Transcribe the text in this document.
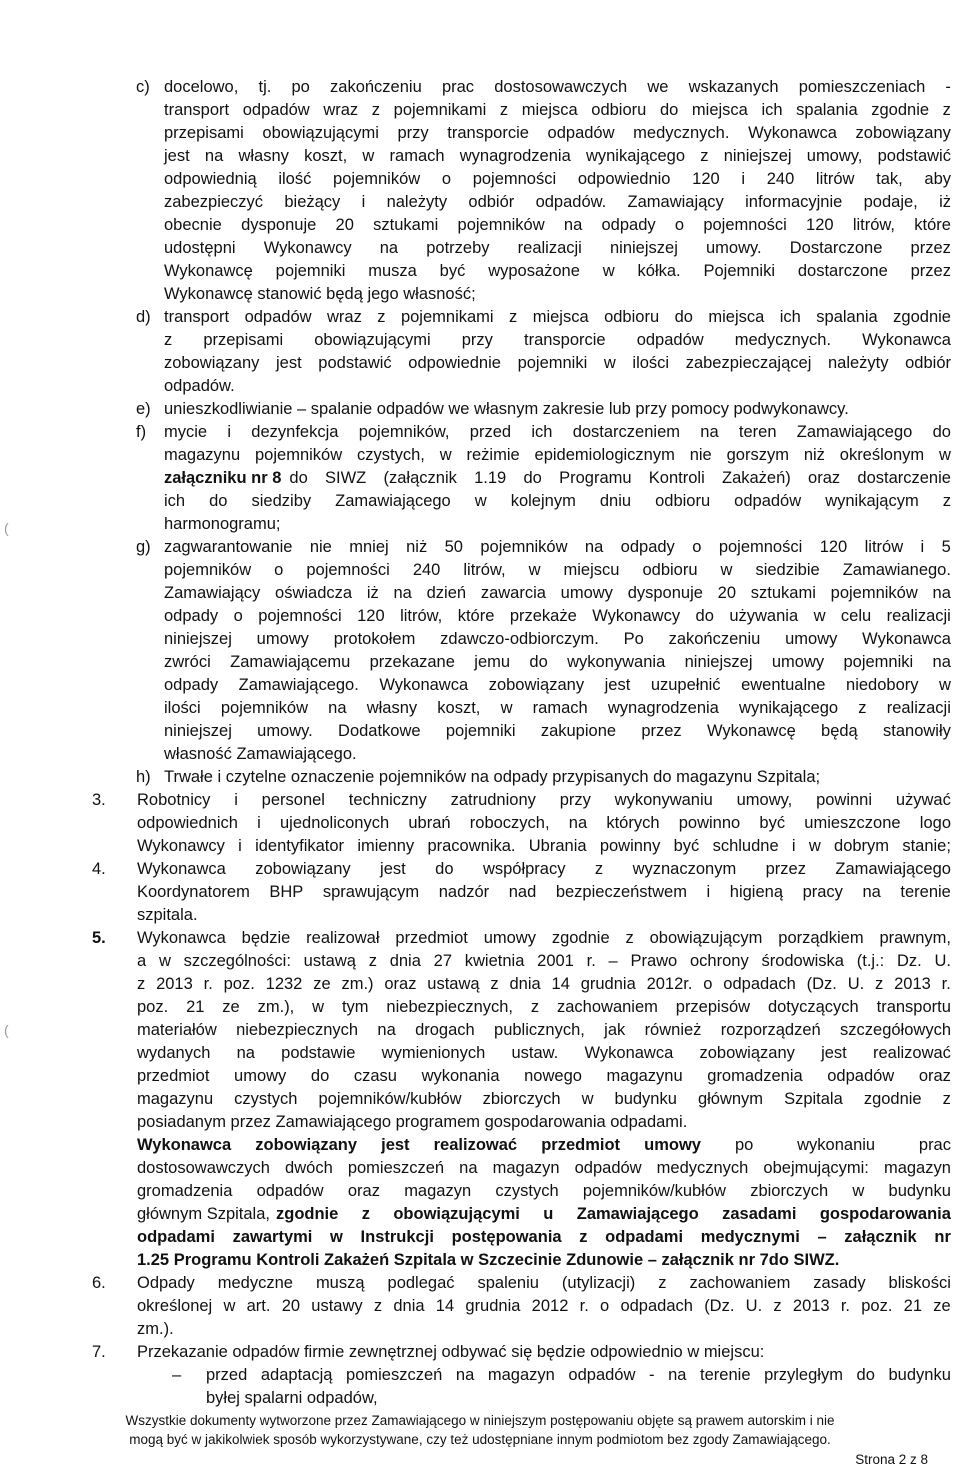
c) docelowo, tj. po zakończeniu prac dostosowawczych we wskazanych pomieszczeniach -
transport odpadów wraz z pojemnikami z miejsca odbioru do miejsca ich spalania zgodnie z
przepisami obowiązującymi przy transporcie odpadów medycznych. Wykonawca zobowiązany
jest na własny koszt, w ramach wynagrodzenia wynikającego z niniejszej umowy, podstawić
odpowiednią ilość pojemników o pojemności odpowiednio 120 i 240 litrów tak, aby
zabezpieczyć bieżący i należyty odbiór odpadów. Zamawiający informacyjnie podaje, iż
obecnie dysponuje 20 sztukami pojemników na odpady o pojemności 120 litrów, które
udostępni Wykonawcy na potrzeby realizacji niniejszej umowy. Dostarczone przez
Wykonawcę pojemniki musza być wyposażone w kółka. Pojemniki dostarczone przez
Wykonawcę stanowić będą jego własność;
d) transport odpadów wraz z pojemnikami z miejsca odbioru do miejsca ich spalania zgodnie
z przepisami obowiązującymi przy transporcie odpadów medycznych. Wykonawca
zobowiązany jest podstawić odpowiednie pojemniki w ilości zabezpieczającej należyty odbiór
odpadów.
e) unieszkodliwianie – spalanie odpadów we własnym zakresie lub przy pomocy podwykonawcy.
f) mycie i dezynfekcja pojemników, przed ich dostarczeniem na teren Zamawiającego do
magazynu pojemników czystych, w reżimie epidemiologicznym nie gorszym niż określonym w
załączniku nr 8 do SIWZ (załącznik 1.19 do Programu Kontroli Zakażeń) oraz dostarczenie
ich do siedziby Zamawiającego w kolejnym dniu odbioru odpadów wynikającym z
harmonogramu;
g) zagwarantowanie nie mniej niż 50 pojemników na odpady o pojemności 120 litrów i 5
pojemników o pojemności 240 litrów, w miejscu odbioru w siedzibie Zamawianego.
Zamawiający oświadcza iż na dzień zawarcia umowy dysponuje 20 sztukami pojemników na
odpady o pojemności 120 litrów, które przekaże Wykonawcy do używania w celu realizacji
niniejszej umowy protokołem zdawczo-odbiorczym. Po zakończeniu umowy Wykonawca
zwróci Zamawiającemu przekazane jemu do wykonywania niniejszej umowy pojemniki na
odpady Zamawiającego. Wykonawca zobowiązany jest uzupełnić ewentualne niedobory w
ilości pojemników na własny koszt, w ramach wynagrodzenia wynikającego z realizacji
niniejszej umowy. Dodatkowe pojemniki zakupione przez Wykonawcę będą stanowiły
własność Zamawiającego.
h) Trwałe i czytelne oznaczenie pojemników na odpady przypisanych do magazynu Szpitala;
3. Robotnicy i personel techniczny zatrudniony przy wykonywaniu umowy, powinni używać
odpowiednich i ujednoliconych ubrań roboczych, na których powinno być umieszczone logo
Wykonawcy i identyfikator imienny pracownika. Ubrania powinny być schludne i w dobrym stanie;
4. Wykonawca zobowiązany jest do współpracy z wyznaczonym przez Zamawiającego
Koordynatorem BHP sprawującym nadzór nad bezpieczeństwem i higieną pracy na terenie
szpitala.
5. Wykonawca będzie realizował przedmiot umowy zgodnie z obowiązującym porządkiem prawnym,
a w szczególności: ustawą z dnia 27 kwietnia 2001 r. – Prawo ochrony środowiska (t.j.: Dz. U.
z 2013 r. poz. 1232 ze zm.) oraz ustawą z dnia 14 grudnia 2012r. o odpadach (Dz. U. z 2013 r.
poz. 21 ze zm.), w tym niebezpiecznych, z zachowaniem przepisów dotyczących transportu
materiałów niebezpiecznych na drogach publicznych, jak również rozporządzeń szczegółowych
wydanych na podstawie wymienionych ustaw. Wykonawca zobowiązany jest realizować
przedmiot umowy do czasu wykonania nowego magazynu gromadzenia odpadów oraz
magazynu czystych pojemników/kubłów zbiorczych w budynku głównym Szpitala zgodnie z
posiadanym przez Zamawiającego programem gospodarowania odpadami.
Wykonawca zobowiązany jest realizować przedmiot umowy po	wykonaniu	prac
dostosowawczych dwóch pomieszczeń na magazyn odpadów medycznych obejmującymi: magazyn
gromadzenia odpadów oraz magazyn czystych pojemników/kubłów zbiorczych w budynku
głównym Szpitala, zgodnie z obowiązującymi u Zamawiającego zasadami gospodarowania
odpadami zawartymi w Instrukcji postępowania z odpadami medycznymi – załącznik nr
1.25 Programu Kontroli Zakażeń Szpitala w Szczecinie Zdunowie – załącznik nr 7do SIWZ.
6. Odpady medyczne muszą podlegać spaleniu (utylizacji) z zachowaniem zasady bliskości
określonej w art. 20 ustawy z dnia 14 grudnia 2012 r. o odpadach (Dz. U. z 2013 r. poz. 21 ze
zm.).
7. Przekazanie odpadów firmie zewnętrznej odbywać się będzie odpowiednio w miejscu:
– przed adaptacją pomieszczeń na magazyn odpadów - na terenie przyległym do budynku
byłej spalarni odpadów,
Wszystkie dokumenty wytworzone przez Zamawiającego w niniejszym postępowaniu objęte są prawem autorskim i nie
mogą być w jakikolwiek sposób wykorzystywane, czy też udostępniane innym podmiotom bez zgody Zamawiającego.
Strona 2 z 8
(
(
